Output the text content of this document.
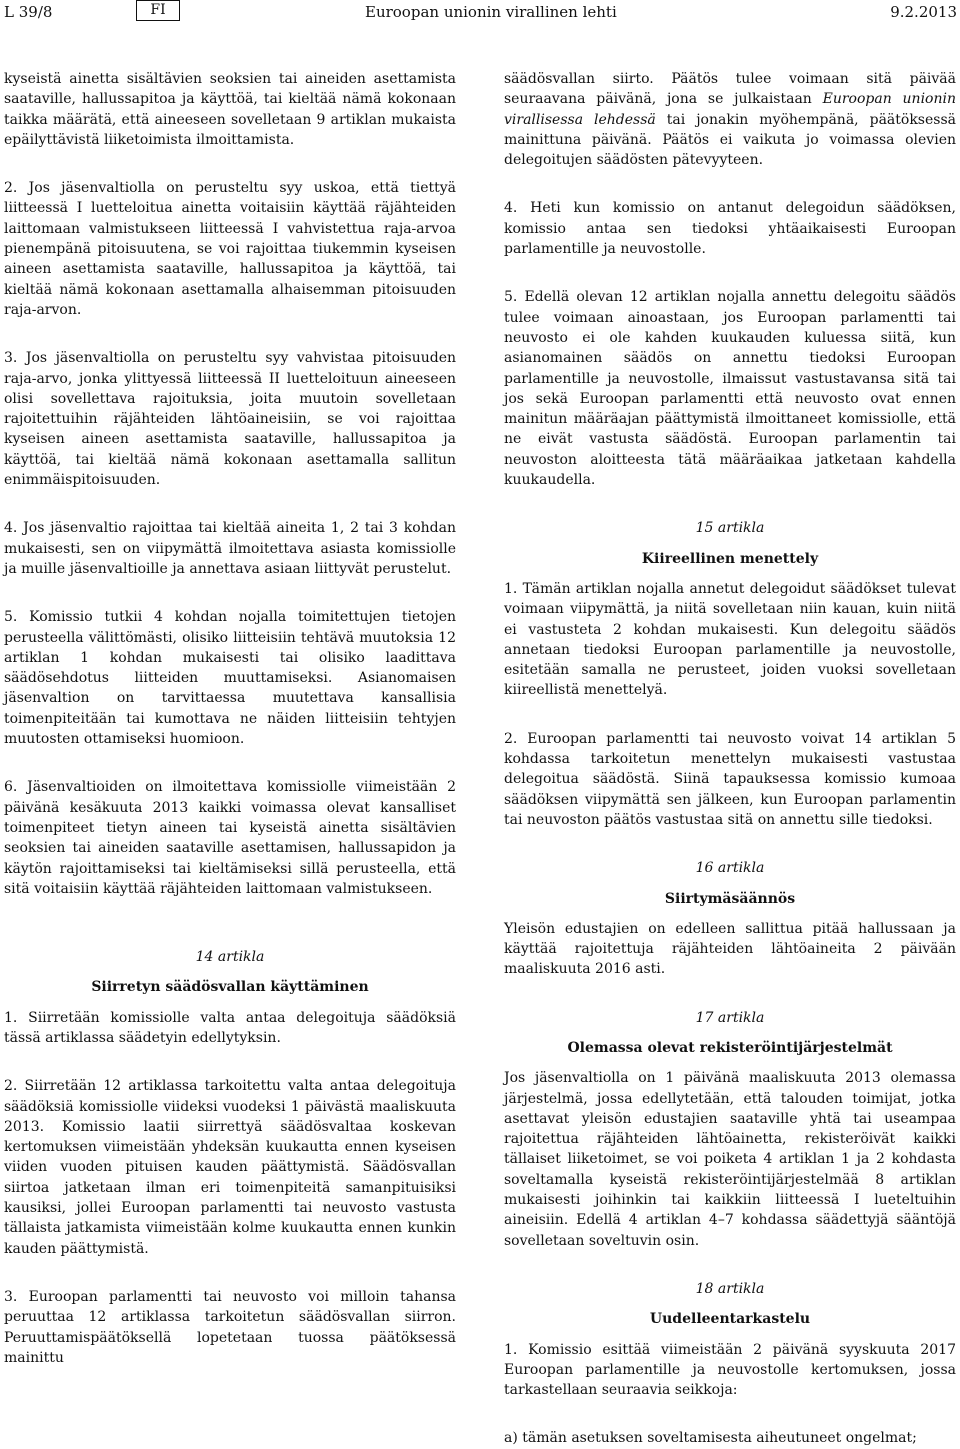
L 39/8	FI	Euroopan unionin virallinen lehti	9.2.2013

kyseistä ainetta sisältävien seoksien tai aineiden asettamista saataville, hallussapitoa ja käyttöä, tai kieltää nämä kokonaan taikka määrätä, että aineeseen sovelletaan 9 artiklan mukaista epäilyttävistä liiketoimista ilmoittamista.

2. Jos jäsenvaltiolla on perusteltu syy uskoa, että tiettyä liitteessä I luetteloitua ainetta voitaisiin käyttää räjähteiden laittomaan valmistukseen liitteessä I vahvistettua raja-arvoa pienempänä pitoisuutena, se voi rajoittaa tiukemmin kyseisen aineen asettamista saataville, hallussapitoa ja käyttöä, tai kieltää nämä kokonaan asettamalla alhaisemman pitoisuuden raja-arvon.

3. Jos jäsenvaltiolla on perusteltu syy vahvistaa pitoisuuden raja-arvo, jonka ylittyessä liitteessä II luetteloituun aineeseen olisi sovellettava rajoituksia, joita muutoin sovelletaan rajoitettuihin räjähteiden lähtöaineisiin, se voi rajoittaa kyseisen aineen asettamista saataville, hallussapitoa ja käyttöä, tai kieltää nämä kokonaan asettamalla sallitun enimmäispitoisuuden.

4. Jos jäsenvaltio rajoittaa tai kieltää aineita 1, 2 tai 3 kohdan mukaisesti, sen on viipymättä ilmoitettava asiasta komissiolle ja muille jäsenvaltioille ja annettava asiaan liittyvät perustelut.

5. Komissio tutkii 4 kohdan nojalla toimitettujen tietojen perusteella välittömästi, olisiko liitteisiin tehtävä muutoksia 12 artiklan 1 kohdan mukaisesti tai olisiko laadittava säädösehdotus liitteiden muuttamiseksi. Asianomaisen jäsenvaltion on tarvittaessa muutettava kansallisia toimenpiteitään tai kumottava ne näiden liitteisiin tehtyjen muutosten ottamiseksi huomioon.

6. Jäsenvaltioiden on ilmoitettava komissiolle viimeistään 2 päivänä kesäkuuta 2013 kaikki voimassa olevat kansalliset toimenpiteet tietyn aineen tai kyseistä ainetta sisältävien seoksien tai aineiden saataville asettamisen, hallussapidon ja käytön rajoittamiseksi tai kieltämiseksi sillä perusteella, että sitä voitaisiin käyttää räjähteiden laittomaan valmistukseen.

14 artikla

Siirretyn säädösvallan käyttäminen

1. Siirretään komissiolle valta antaa delegoituja säädöksiä tässä artiklassa säädetyin edellytyksin.

2. Siirretään 12 artiklassa tarkoitettu valta antaa delegoituja säädöksiä komissiolle viideksi vuodeksi 1 päivästä maaliskuuta 2013. Komissio laatii siirrettyä säädösvaltaa koskevan kertomuksen viimeistään yhdeksän kuukautta ennen kyseisen viiden vuoden pituisen kauden päättymistä. Säädösvallan siirtoa jatketaan ilman eri toimenpiteitä samanpituisiksi kausiksi, jollei Euroopan parlamentti tai neuvosto vastusta tällaista jatkamista viimeistään kolme kuukautta ennen kunkin kauden päättymistä.

3. Euroopan parlamentti tai neuvosto voi milloin tahansa peruuttaa 12 artiklassa tarkoitetun säädösvallan siirron. Peruuttamispäätöksellä lopetetaan tuossa päätöksessä mainittu

säädösvallan siirto. Päätös tulee voimaan sitä päivää seuraavana päivänä, jona se julkaistaan Euroopan unionin virallisessa lehdessä tai jonakin myöhempänä, päätöksessä mainittuna päivänä. Päätös ei vaikuta jo voimassa olevien delegoitujen säädösten pätevyyteen.

4. Heti kun komissio on antanut delegoidun säädöksen, komissio antaa sen tiedoksi yhtäaikaisesti Euroopan parlamentille ja neuvostolle.

5. Edellä olevan 12 artiklan nojalla annettu delegoitu säädös tulee voimaan ainoastaan, jos Euroopan parlamentti tai neuvosto ei ole kahden kuukauden kuluessa siitä, kun asianomainen säädös on annettu tiedoksi Euroopan parlamentille ja neuvostolle, ilmaissut vastustavansa sitä tai jos sekä Euroopan parlamentti että neuvosto ovat ennen mainitun määräajan päättymistä ilmoittaneet komissiolle, että ne eivät vastusta säädöstä. Euroopan parlamentin tai neuvoston aloitteesta tätä määräaikaa jatketaan kahdella kuukaudella.

15 artikla

Kiireellinen menettely

1. Tämän artiklan nojalla annetut delegoidut säädökset tulevat voimaan viipymättä, ja niitä sovelletaan niin kauan, kuin niitä ei vastusteta 2 kohdan mukaisesti. Kun delegoitu säädös annetaan tiedoksi Euroopan parlamentille ja neuvostolle, esitetään samalla ne perusteet, joiden vuoksi sovelletaan kiireellistä menettelyä.

2. Euroopan parlamentti tai neuvosto voivat 14 artiklan 5 kohdassa tarkoitetun menettelyn mukaisesti vastustaa delegoitua säädöstä. Siinä tapauksessa komissio kumoaa säädöksen viipymättä sen jälkeen, kun Euroopan parlamentin tai neuvoston päätös vastustaa sitä on annettu sille tiedoksi.

16 artikla

Siirtymäsäännös

Yleisön edustajien on edelleen sallittua pitää hallussaan ja käyttää rajoitettuja räjähteiden lähtöaineita 2 päivään maaliskuuta 2016 asti.

17 artikla

Olemassa olevat rekisteröintijärjestelmät

Jos jäsenvaltiolla on 1 päivänä maaliskuuta 2013 olemassa järjestelmä, jossa edellytetään, että talouden toimijat, jotka asettavat yleisön edustajien saataville yhtä tai useampaa rajoitettua räjähteiden lähtöainetta, rekisteröivät kaikki tällaiset liiketoimet, se voi poiketa 4 artiklan 1 ja 2 kohdasta soveltamalla kyseistä rekisteröintijärjestelmää 8 artiklan mukaisesti joihinkin tai kaikkiin liitteessä I lueteltuihin aineisiin. Edellä 4 artiklan 4–7 kohdassa säädettyjä sääntöjä sovelletaan soveltuvin osin.

18 artikla

Uudelleentarkastelu

1. Komissio esittää viimeistään 2 päivänä syyskuuta 2017 Euroopan parlamentille ja neuvostolle kertomuksen, jossa tarkastellaan seuraavia seikkoja:

a) tämän asetuksen soveltamisesta aiheutuneet ongelmat;
